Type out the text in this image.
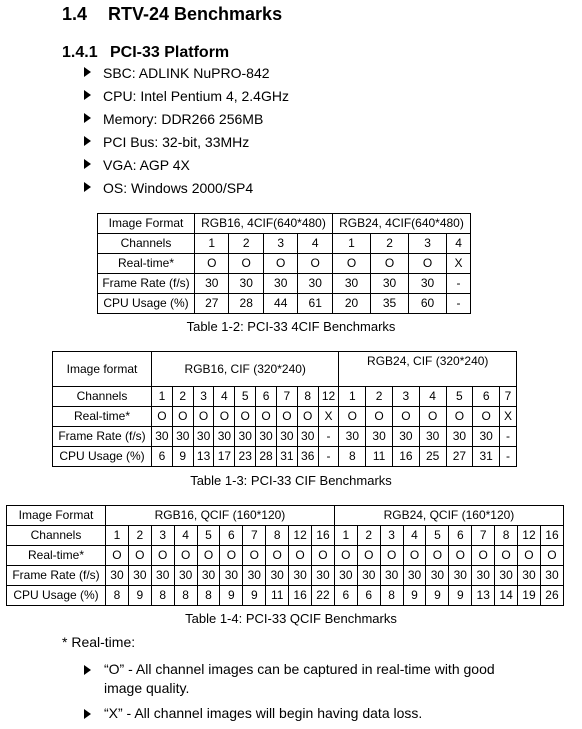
1.4 RTV-24 Benchmarks
1.4.1 PCI-33 Platform
SBC: ADLINK NuPRO-842
CPU: Intel Pentium 4, 2.4GHz
Memory: DDR266 256MB
PCI Bus: 32-bit, 33MHz
VGA: AGP 4X
OS: Windows 2000/SP4
Image Format	RGB16, 4CIF(640*480)				RGB24, 4CIF(640*480)			
Channels	1	2	3	4	1	2	3	4
Real-time*	O	O	O	O	O	O	O	X
Frame Rate (f/s)	30	30	30	30	30	30	30	-
CPU Usage (%)	27	28	44	61	20	35	60	-
Table 1-2: PCI-33 4CIF Benchmarks
Image format	RGB16, CIF (320*240)									RGB24, CIF (320*240)						
Channels	1	2	3	4	5	6	7	8	12	1	2	3	4	5	6	7
Real-time*	O	O	O	O	O	O	O	O	X	O	O	O	O	O	O	X
Frame Rate (f/s)	30	30	30	30	30	30	30	30	-	30	30	30	30	30	30	-
CPU Usage (%)	6	9	13	17	23	28	31	36	-	8	11	16	25	27	31	-
Table 1-3: PCI-33 CIF Benchmarks
Image Format	RGB16, QCIF (160*120)										RGB24, QCIF (160*120)									
Channels	1	2	3	4	5	6	7	8	12	16	1	2	3	4	5	6	7	8	12	16
Real-time*	O	O	O	O	O	O	O	O	O	O	O	O	O	O	O	O	O	O	O	O
Frame Rate (f/s)	30	30	30	30	30	30	30	30	30	30	30	30	30	30	30	30	30	30	30	30
CPU Usage (%)	8	9	8	8	8	9	9	11	16	22	6	6	8	9	9	9	13	14	19	26
Table 1-4: PCI-33 QCIF Benchmarks
* Real-time:
“O” - All channel images can be captured in real-time with good image quality.
“X” - All channel images will begin having data loss.
